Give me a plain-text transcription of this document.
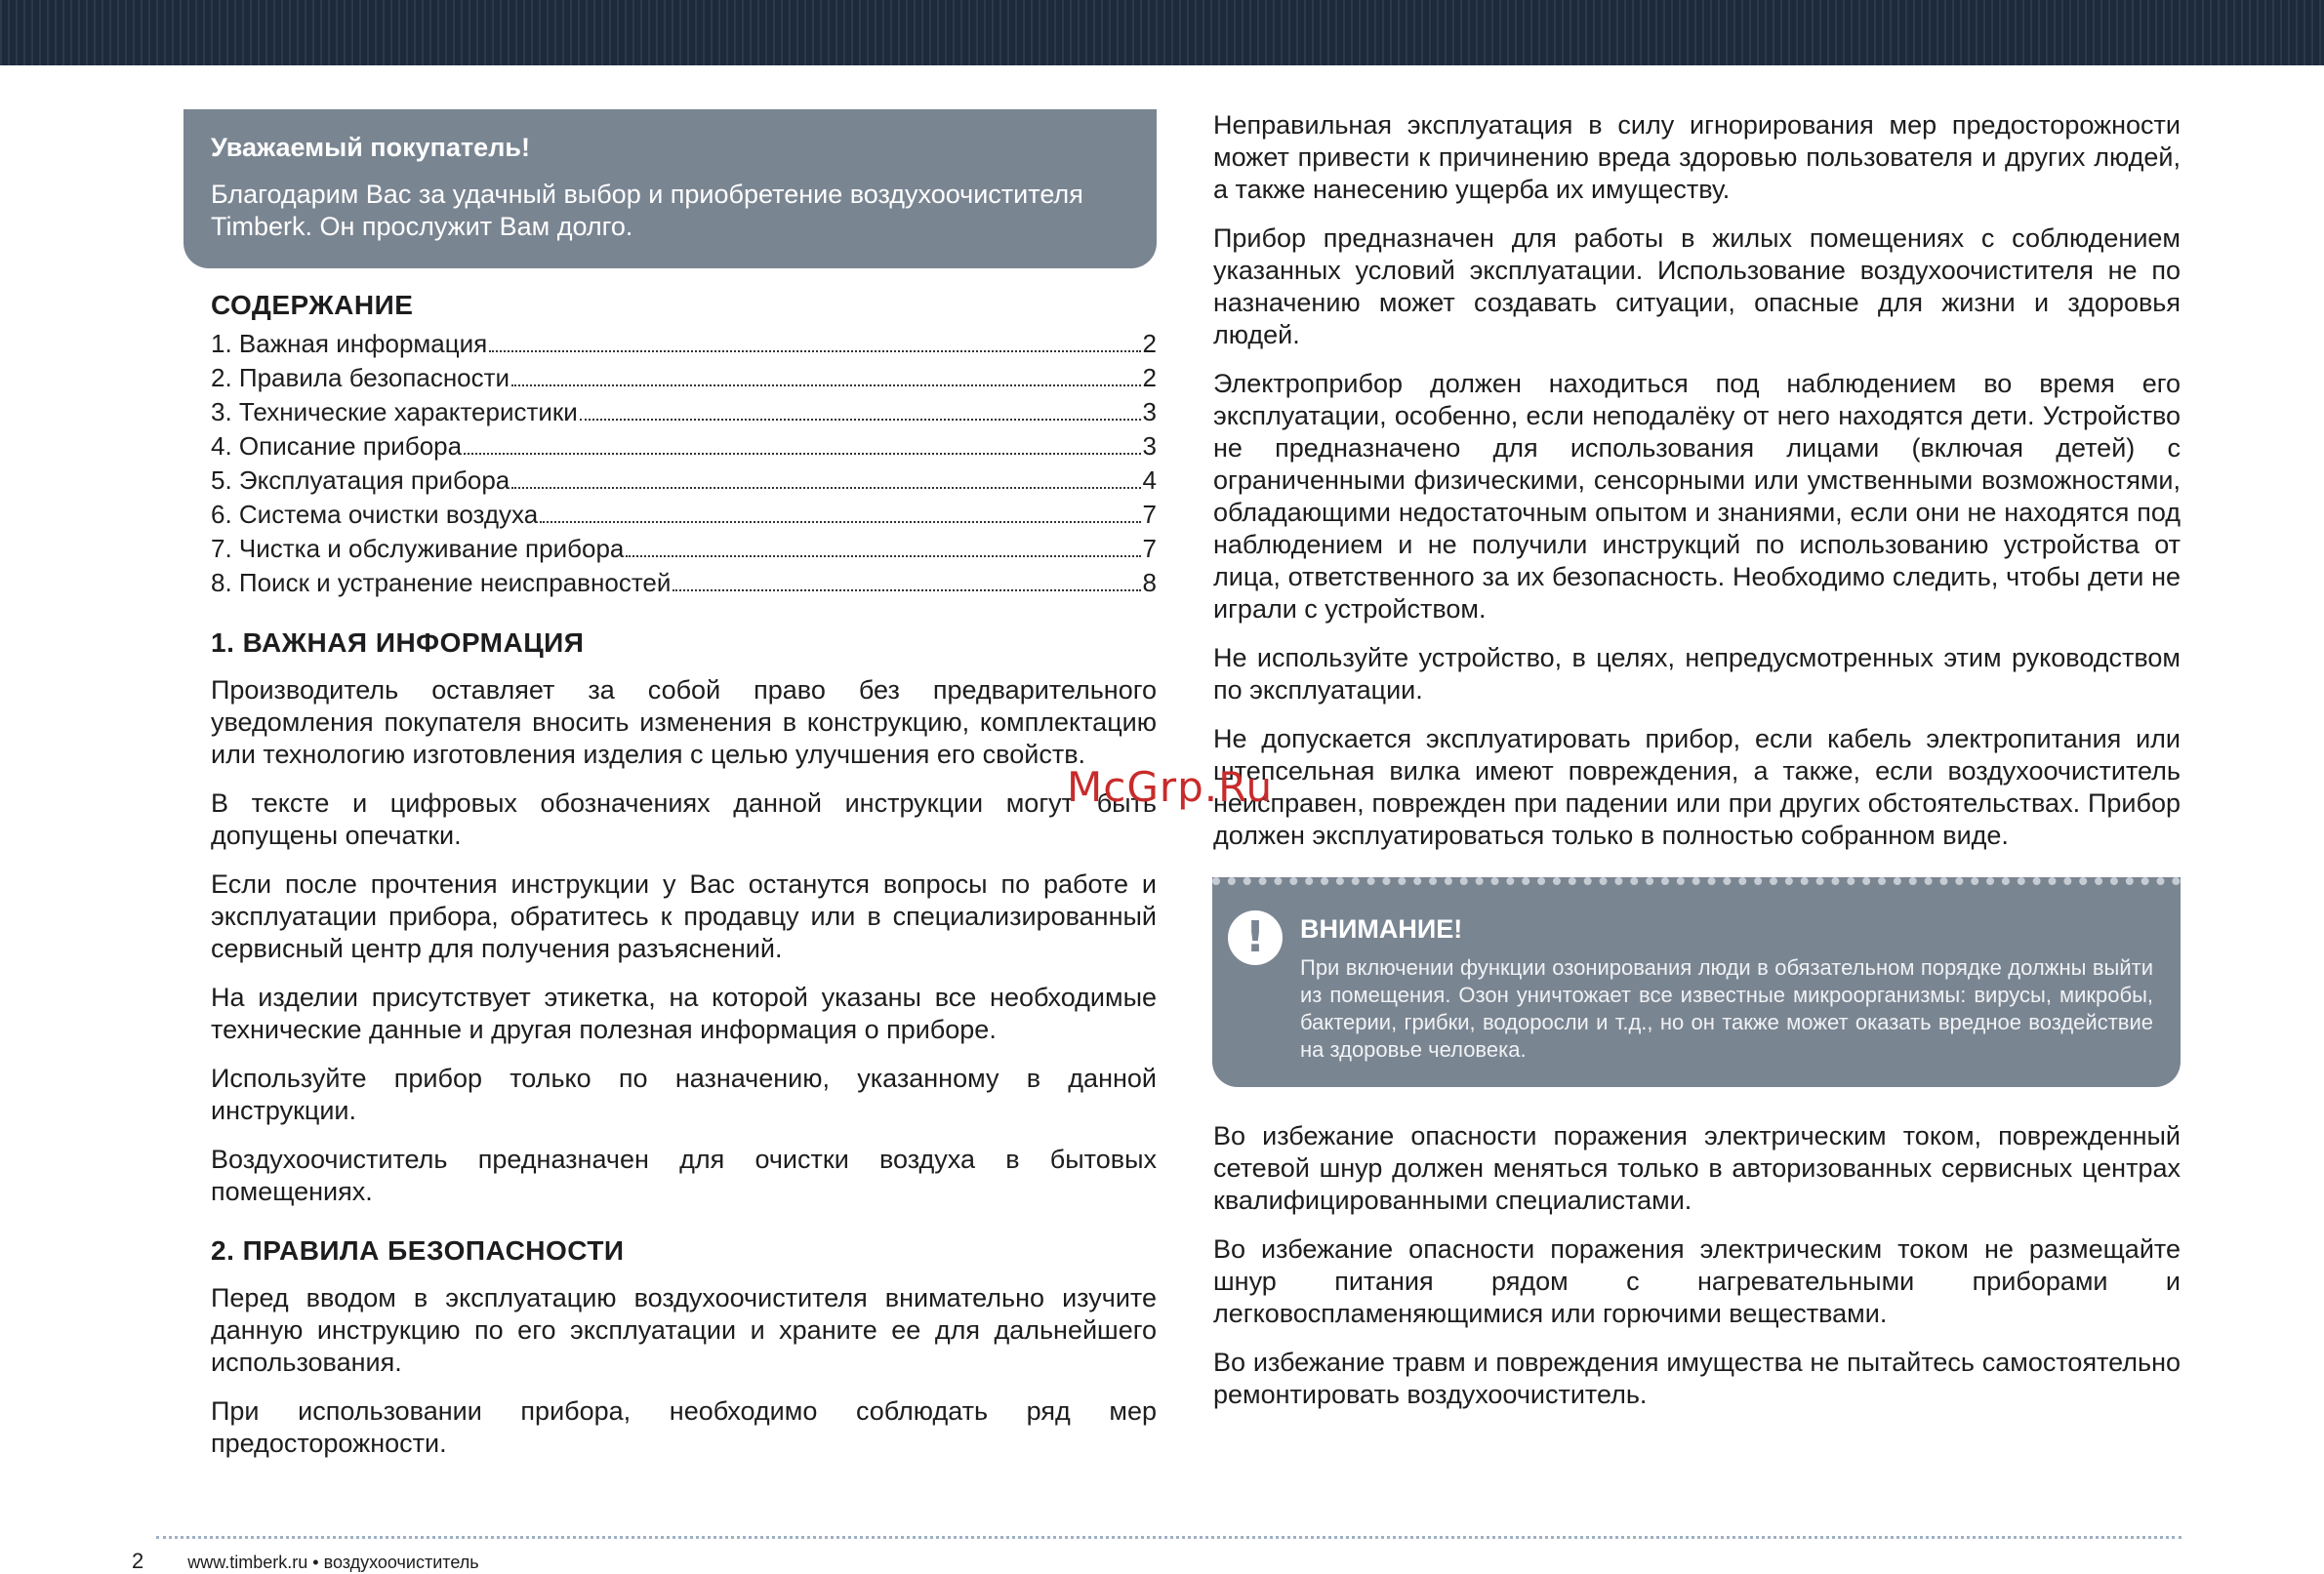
Уважаемый покупатель!

Благодарим Вас за удачный выбор и приобретение воздухоочистителя Timberk. Он прослужит Вам долго.

СОДЕРЖАНИЕ

1. Важная информация	2
2. Правила безопасности	2
3. Технические характеристики	3
4. Описание прибора	3
5. Эксплуатация прибора	4
6. Система очистки воздуха	7
7. Чистка и обслуживание прибора	7
8. Поиск и устранение неисправностей	8

1. ВАЖНАЯ ИНФОРМАЦИЯ

Производитель оставляет за собой право без предварительного уведомления покупателя вносить изменения в конструкцию, комплектацию или технологию изготовления изделия с целью улучшения его свойств.

В тексте и цифровых обозначениях данной инструкции могут быть допущены опечатки.

Если после прочтения инструкции у Вас останутся вопросы по работе и эксплуатации прибора, обратитесь к продавцу или в специализированный сервисный центр для получения разъяснений.

На изделии присутствует этикетка, на которой указаны все необходимые технические данные и другая полезная информация о приборе.

Используйте прибор только по назначению, указанному в данной инструкции.

Воздухоочиститель предназначен для очистки воздуха в бытовых помещениях.

2. ПРАВИЛА БЕЗОПАСНОСТИ

Перед вводом в эксплуатацию воздухоочистителя внимательно изучите данную инструкцию по его эксплуатации и храните ее для дальнейшего использования.

При использовании прибора, необходимо соблюдать ряд мер предосторожности.

Неправильная эксплуатация в силу игнорирования мер предосторожности может привести к причинению вреда здоровью пользователя и других людей, а также нанесению ущерба их имуществу.

Прибор предназначен для работы в жилых помещениях с соблюдением указанных условий эксплуатации. Использование воздухоочистителя не по назначению может создавать ситуации, опасные для жизни и здоровья людей.

Электроприбор должен находиться под наблюдением во время его эксплуатации, особенно, если неподалёку от него находятся дети. Устройство не предназначено для использования лицами (включая детей) с ограниченными физическими, сенсорными или умственными возможностями, обладающими недостаточным опытом и знаниями, если они не находятся под наблюдением и не получили инструкций по использованию устройства от лица, ответственного за их безопасность. Необходимо следить, чтобы дети не играли с устройством.

Не используйте устройство, в целях, непредусмотренных этим руководством по эксплуатации.

Не допускается эксплуатировать прибор, если кабель электропитания или штепсельная вилка имеют повреждения, а также, если воздухоочиститель неисправен, поврежден при падении или при других обстоятельствах. Прибор должен эксплуатироваться только в полностью собранном виде.

!	ВНИМАНИЕ!

При включении функции озонирования люди в обязательном порядке должны выйти из помещения. Озон уничтожает все известные микроорганизмы: вирусы, микробы, бактерии, грибки, водоросли и т.д., но он также может оказать вредное воздействие на здоровье человека.

Во избежание опасности поражения электрическим током, поврежденный сетевой шнур должен меняться только в авторизованных сервисных центрах квалифицированными специалистами.

Во избежание опасности поражения электрическим током не размещайте шнур питания рядом с нагревательными приборами и легковоспламеняющимися или горючими веществами.

Во избежание травм и повреждения имущества не пытайтесь самостоятельно ремонтировать воздухоочиститель.

McGrp.Ru
2	www.timberk.ru • воздухоочиститель
